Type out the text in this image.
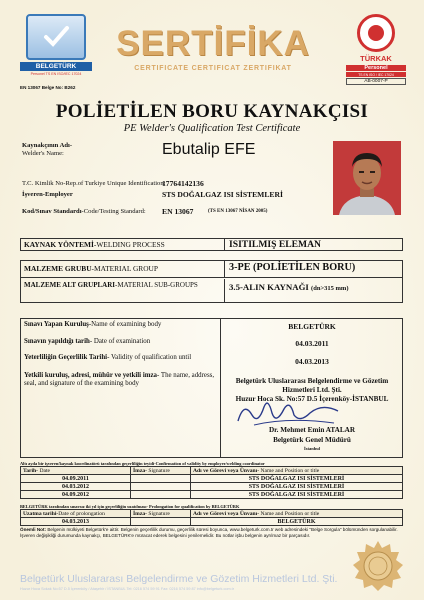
BELGETÜRK
Personel TS EN ISO/IEC 17024
EN 13067 Belge No: B262
SERTİFİKA
CERTIFICATE CERTIFICAT ZERTIFIKAT
TÜRKAK
Personel
TS EN ISO / IEC 17024
AB-0007-P
POLİETİLEN BORU KAYNAKÇISI
PE Welder's Qualification Test Certificate
Kaynakçının Adı-
Welder's Name:	Ebutalip EFE
T.C. Kimlik No-Rep.of Turkiye Unique Identification:
17764142136
İşveren-Employer	STS DOĞALGAZ ISI SİSTEMLERİ
Kod/Sınav Standardı-Code/Testing Standard:	EN 13067	(TS EN 13067 NİSAN 2005)
KAYNAK YÖNTEMİ-WELDING PROCESS	ISITILMIŞ ELEMAN
MALZEME GRUBU-MATERIAL GROUP	3-PE (POLİETİLEN BORU)
MALZEME ALT GRUPLARI-MATERIAL SUB-GROUPS	3.5-ALIN KAYNAĞI (dn>315 mm)
Sınavı Yapan Kuruluş-Name of examining body	BELGETÜRK
Sınavın yapıldığı tarih- Date of examination	04.03.2011
Yeterliliğin Geçerlilik Tarihi- Validity of qualification until	04.03.2013
Yetkili kuruluş, adresi, mühür ve yetkili imza- The name, address, seal, and signature of the examining body	Belgetürk Uluslararası Belgelendirme ve Gözetim
Hizmetleri Ltd. Şti.
Huzur Hoca Sk. No:57 D.5 İçerenköy-İSTANBUL
Dr. Mehmet Emin ATALAR
Belgetürk Genel Müdürü
İstanbul
Altı ayda bir işveren/kaynak koordinatörü tarafından geçerliliğin teyidi-Confirmation of validity by employer/welding coordinator
Tarih- Date	İmza- Signature	Adı ve Görevi veya Ünvanı- Name and Position or title
04.09.2011		STS DOĞALGAZ ISI SİSTEMLERİ
04.03.2012		STS DOĞALGAZ ISI SİSTEMLERİ
04.09.2012		STS DOĞALGAZ ISI SİSTEMLERİ
BELGETÜRK tarafından sınavsız iki yıl için geçerliliğin uzatılması- Prolongation for qualification by BELGETÜRK
Uzatma tarihi-Date of prolongation	İmza- Signature	Adı ve Görevi veya Ünvanı- Name and Position or title
04.03.2013		BELGETÜRK
Önemli Not: Belgenin mülkiyeti Belgetürk'e aittir. Belgenin geçerlilik durumu, geçerlilik süresi boyunca, www.belgeturk.com.tr web adresindeki "Belge Sorgula" bölümünden sorgulanabilir. İşveren değişikliği durumunda kaynakçı, BELGETÜRK'e müracat ederek belgesini yenilemelidir. Bu notlar işbu belgenin ayrılmaz bir parçasıdır.
Belgetürk Uluslararası Belgelendirme ve Gözetim Hizmetleri Ltd. Şti.
Huzur Hoca Sokak No:57 D.5 İçerenköy / Ataşehir / İSTANBUL Tel: 0216 574 59 91 Fax: 0216 574 59 87 info@belgeturk.com.tr
